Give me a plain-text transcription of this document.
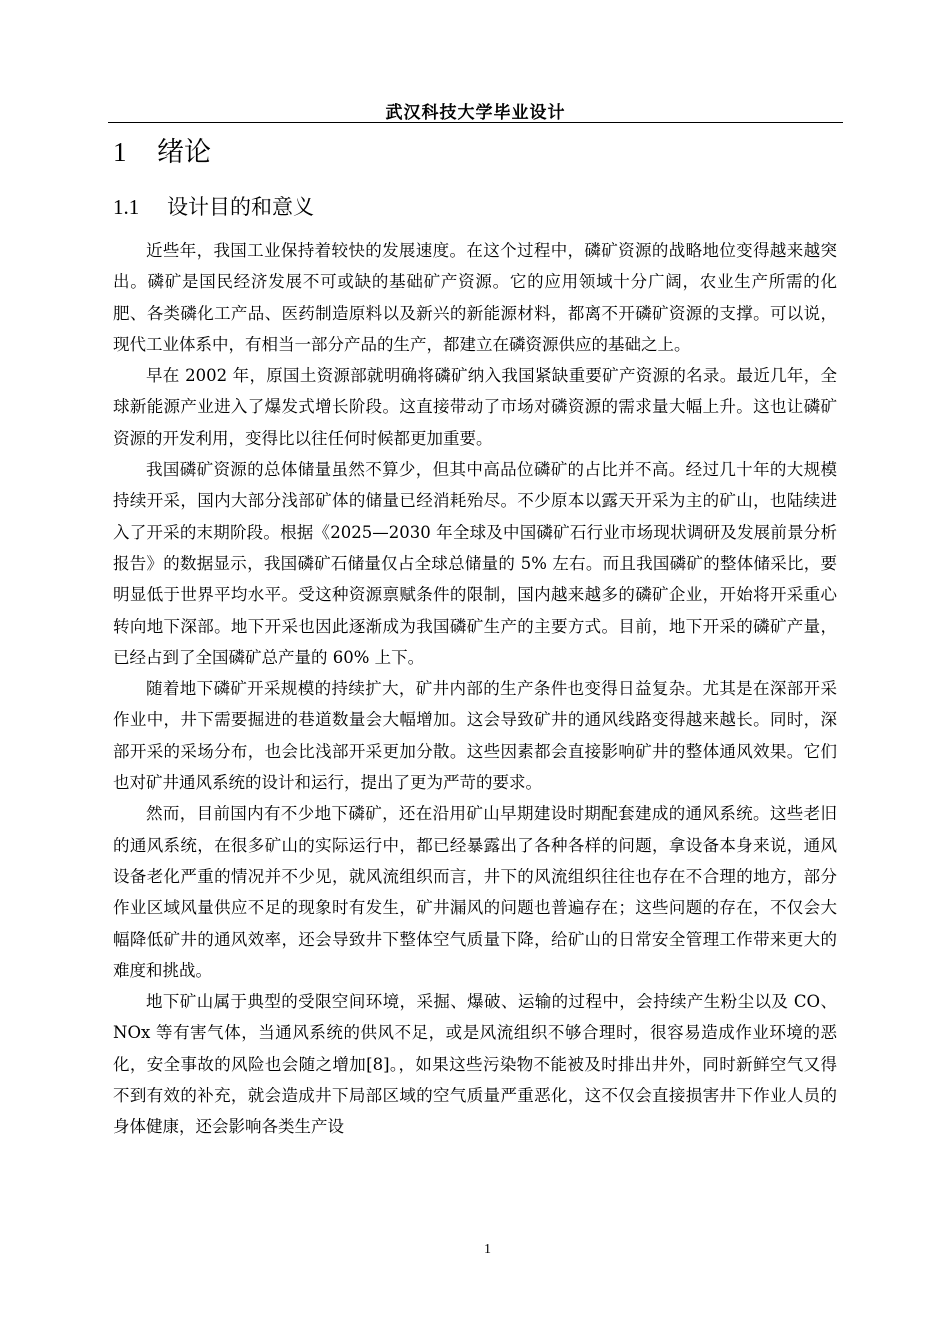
武汉科技大学毕业设计
1 绪论
1.1 设计目的和意义

近些年，我国工业保持着较快的发展速度。在这个过程中，磷矿资源的战略地位变得越来越突出。磷矿是国民经济发展不可或缺的基础矿产资源。它的应用领域十分广阔，农业生产所需的化肥、各类磷化工产品、医药制造原料以及新兴的新能源材料，都离不开磷矿资源的支撑。可以说，现代工业体系中，有相当一部分产品的生产，都建立在磷资源供应的基础之上。

早在 2002 年，原国土资源部就明确将磷矿纳入我国紧缺重要矿产资源的名录。最近几年，全球新能源产业进入了爆发式增长阶段。这直接带动了市场对磷资源的需求量大幅上升。这也让磷矿资源的开发利用，变得比以往任何时候都更加重要。

我国磷矿资源的总体储量虽然不算少，但其中高品位磷矿的占比并不高。经过几十年的大规模持续开采，国内大部分浅部矿体的储量已经消耗殆尽。不少原本以露天开采为主的矿山，也陆续进入了开采的末期阶段。根据《2025—2030 年全球及中国磷矿石行业市场现状调研及发展前景分析报告》的数据显示，我国磷矿石储量仅占全球总储量的 5% 左右。而且我国磷矿的整体储采比，要明显低于世界平均水平。受这种资源禀赋条件的限制，国内越来越多的磷矿企业，开始将开采重心转向地下深部。地下开采也因此逐渐成为我国磷矿生产的主要方式。目前，地下开采的磷矿产量，已经占到了全国磷矿总产量的 60% 上下。

随着地下磷矿开采规模的持续扩大，矿井内部的生产条件也变得日益复杂。尤其是在深部开采作业中，井下需要掘进的巷道数量会大幅增加。这会导致矿井的通风线路变得越来越长。同时，深部开采的采场分布，也会比浅部开采更加分散。这些因素都会直接影响矿井的整体通风效果。它们也对矿井通风系统的设计和运行，提出了更为严苛的要求。

然而，目前国内有不少地下磷矿，还在沿用矿山早期建设时期配套建成的通风系统。这些老旧的通风系统，在很多矿山的实际运行中，都已经暴露出了各种各样的问题，拿设备本身来说，通风设备老化严重的情况并不少见，就风流组织而言，井下的风流组织往往也存在不合理的地方，部分作业区域风量供应不足的现象时有发生，矿井漏风的问题也普遍存在；这些问题的存在，不仅会大幅降低矿井的通风效率，还会导致井下整体空气质量下降，给矿山的日常安全管理工作带来更大的难度和挑战。

地下矿山属于典型的受限空间环境，采掘、爆破、运输的过程中，会持续产生粉尘以及 CO、NOx 等有害气体，当通风系统的供风不足，或是风流组织不够合理时，很容易造成作业环境的恶化，安全事故的风险也会随之增加[8]。，如果这些污染物不能被及时排出井外，同时新鲜空气又得不到有效的补充，就会造成井下局部区域的空气质量严重恶化，这不仅会直接损害井下作业人员的身体健康，还会影响各类生产设

1
